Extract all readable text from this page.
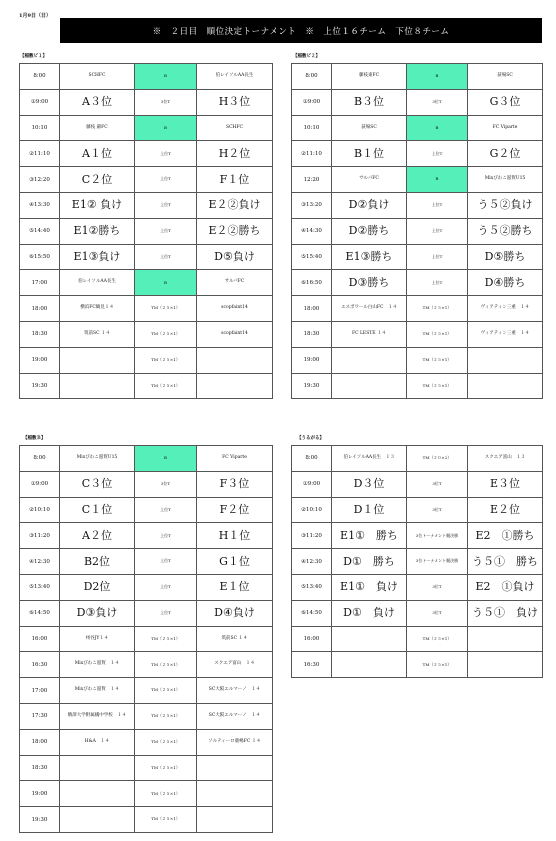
1月9日（日）
※　２日目　順位決定トーナメント　※　上位１６チーム　下位８チーム
【稲敷ビ１】
8:00	SCHFC	B	伯レイソルAA長生
①9:00	A３位	3位T	H３位
10:10	藤枝 錦FC	B	SCHFC
②11:10	A１位	上位T	H２位
③12:20	C２位	上位T	F１位
④13:30	E1② 負け	上位T	E２②負け
⑤14:40	E1②勝ち	上位T	E２②勝ち
⑥15:50	E1③負け	上位T	D⑤負け
17:00	伯レイソルAA長生	B	サルパFC
18:00	横浜FC鶴見１４	TM（２５×1）	scopfaint14
18:30	筑前SC １４	TM（２５×1）	scopfaint14
19:00		TM（２５×1）	
19:30		TM（２５×1）	
【稲敷ビ２】
8:00	藤枝東FC	B	荻場SC
①9:00	B３位	3位T	G３位
10:10	荻場SC	B	FC Viparte
②11:10	B１位	上位T	G２位
12:20	サルパFC	B	Mixびわこ滋賀U15
③13:20	D②負け	上位T	う５②負け
④14:30	D②勝ち	上位T	う５②勝ち
⑤15:40	E1③勝ち	上位T	D⑤勝ち
⑥16:50	D③勝ち	上位T	D④勝ち
18:00	エスポワール白山FC　１４	TM（２５×1）	ヴィアティン三重　１４
18:30	FC LESTE １４	TM（２５×1）	ヴィアティン三重　１４
19:00		TM（２５×1）	
19:30		TM（２５×1）	
【稲敷Ｂ】
8:00	Mixびわこ滋賀U15	B	FC Viparte
①9:00	C３位	3位T	F３位
②10:10	C１位	上位T	F２位
③11:20	A２位	上位T	H１位
④12:30	B2位	上位T	G１位
⑤13:40	D2位	上位T	E１位
⑥14:50	D③負け	上位T	D④負け
16:00	州谷JY１４	TM（２５×1）	筑前SC １４
16:30	Mixびわこ滋賀　１４	TM（２５×1）	スクエア富山　１４
17:00	Mixびわこ滋賀　１４	TM（２５×1）	SC大阪エルマーノ　１４
17:30	駒澤大学附属橘中学校　１４	TM（２５×1）	SC大阪エルマーノ　１４
18:00	H&A　１４	TM（２５×1）	ソルティーロ鹿嶋FC １４
18:30		TM（２５×1）	
19:00		TM（２５×1）	
19:30		TM（２５×1）	
【うるがる】
8:00	伯レイソルAA長生　１３	TM（２０×2）	スクエア富山　１３
①9:00	D３位	3位T	E３位
②10:10	D１位	3位T	E２位
③11:20	E1①　勝ち	3位トーナメント順決勝	E2　①勝ち
④12:30	D①　勝ち	3位トーナメント順決勝	う５①　勝ち
⑤13:40	E1①　負け	3位T	E2　①負け
⑥14:50	D①　負け	3位T	う５①　負け
16:00		TM（２５×1）	
16:30		TM（２５×1）	
